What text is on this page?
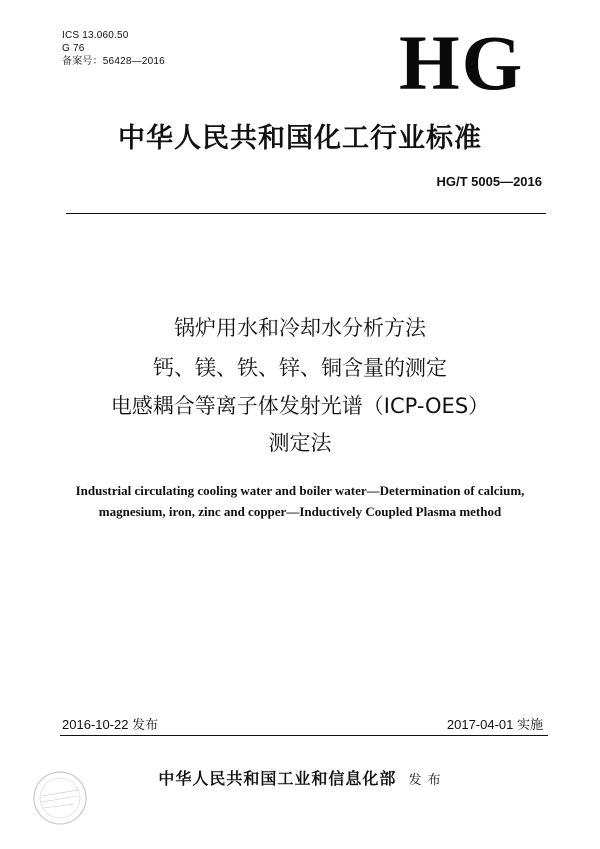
ICS 13.060.50
G 76
备案号：56428—2016	HG
中华人民共和国化工行业标准
HG/T 5005—2016
锅炉用水和冷却水分析方法
钙、镁、铁、锌、铜含量的测定
电感耦合等离子体发射光谱（ICP-OES）
测定法
Industrial circulating cooling water and boiler water—Determination of calcium,
magnesium, iron, zinc and copper—Inductively Coupled Plasma method
2016-10-22 发布	2017-04-01 实施
中华人民共和国工业和信息化部 发 布
